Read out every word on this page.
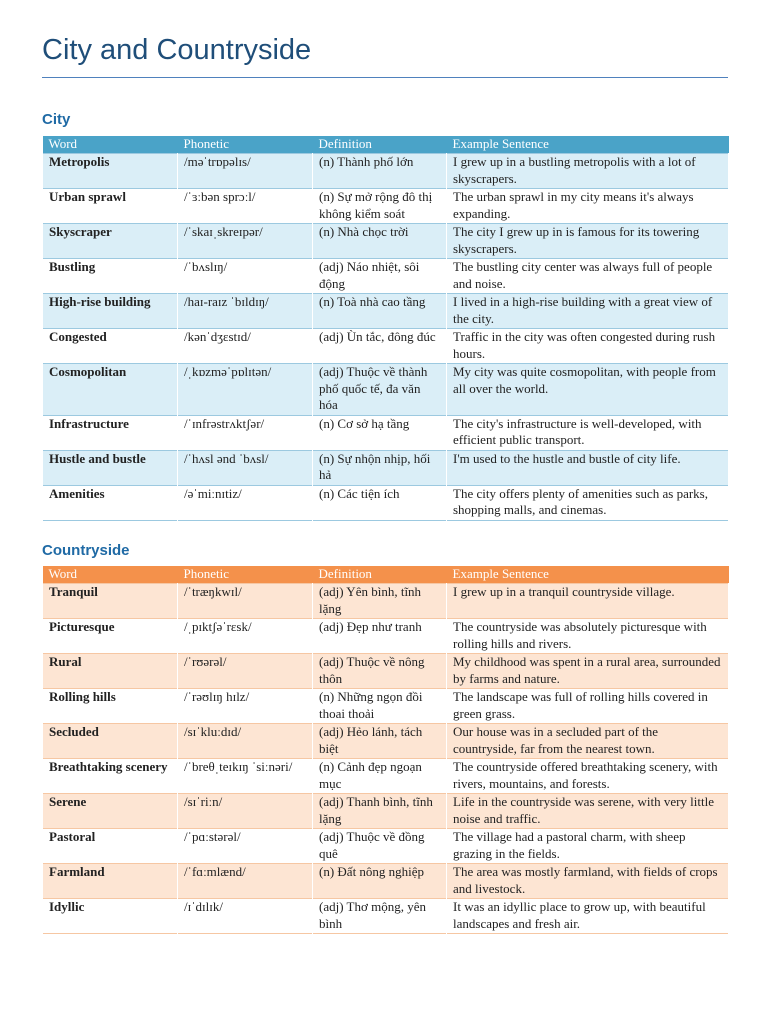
City and Countryside
City
Word	Phonetic	Definition	Example Sentence
Metropolis	/məˈtrɒpəlɪs/	(n) Thành phố lớn	I grew up in a bustling metropolis with a lot of skyscrapers.
Urban sprawl	/ˈɜːbən sprɔːl/	(n) Sự mở rộng đô thị không kiểm soát	The urban sprawl in my city means it's always expanding.
Skyscraper	/ˈskaɪˌskreɪpər/	(n) Nhà chọc trời	The city I grew up in is famous for its towering skyscrapers.
Bustling	/ˈbʌslɪŋ/	(adj) Náo nhiệt, sôi động	The bustling city center was always full of people and noise.
High-rise building	/haɪ-raɪz ˈbɪldɪŋ/	(n) Toà nhà cao tầng	I lived in a high-rise building with a great view of the city.
Congested	/kənˈdʒɛstɪd/	(adj) Ùn tắc, đông đúc	Traffic in the city was often congested during rush hours.
Cosmopolitan	/ˌkɒzməˈpɒlɪtən/	(adj) Thuộc về thành phố quốc tế, đa văn hóa	My city was quite cosmopolitan, with people from all over the world.
Infrastructure	/ˈɪnfrəstrʌktʃər/	(n) Cơ sở hạ tầng	The city's infrastructure is well-developed, with efficient public transport.
Hustle and bustle	/ˈhʌsl ənd ˈbʌsl/	(n) Sự nhộn nhịp, hối hả	I'm used to the hustle and bustle of city life.
Amenities	/əˈmiːnɪtiz/	(n) Các tiện ích	The city offers plenty of amenities such as parks, shopping malls, and cinemas.
Countryside
Word	Phonetic	Definition	Example Sentence
Tranquil	/ˈtræŋkwɪl/	(adj) Yên bình, tĩnh lặng	I grew up in a tranquil countryside village.
Picturesque	/ˌpɪktʃəˈrɛsk/	(adj) Đẹp như tranh	The countryside was absolutely picturesque with rolling hills and rivers.
Rural	/ˈrʊərəl/	(adj) Thuộc về nông thôn	My childhood was spent in a rural area, surrounded by farms and nature.
Rolling hills	/ˈrəʊlɪŋ hɪlz/	(n) Những ngọn đồi thoai thoải	The landscape was full of rolling hills covered in green grass.
Secluded	/sɪˈkluːdɪd/	(adj) Hẻo lánh, tách biệt	Our house was in a secluded part of the countryside, far from the nearest town.
Breathtaking scenery	/ˈbreθˌteɪkɪŋ ˈsiːnəri/	(n) Cảnh đẹp ngoạn mục	The countryside offered breathtaking scenery, with rivers, mountains, and forests.
Serene	/sɪˈriːn/	(adj) Thanh bình, tĩnh lặng	Life in the countryside was serene, with very little noise and traffic.
Pastoral	/ˈpɑːstərəl/	(adj) Thuộc về đồng quê	The village had a pastoral charm, with sheep grazing in the fields.
Farmland	/ˈfɑːmlænd/	(n) Đất nông nghiệp	The area was mostly farmland, with fields of crops and livestock.
Idyllic	/ɪˈdɪlɪk/	(adj) Thơ mộng, yên bình	It was an idyllic place to grow up, with beautiful landscapes and fresh air.
